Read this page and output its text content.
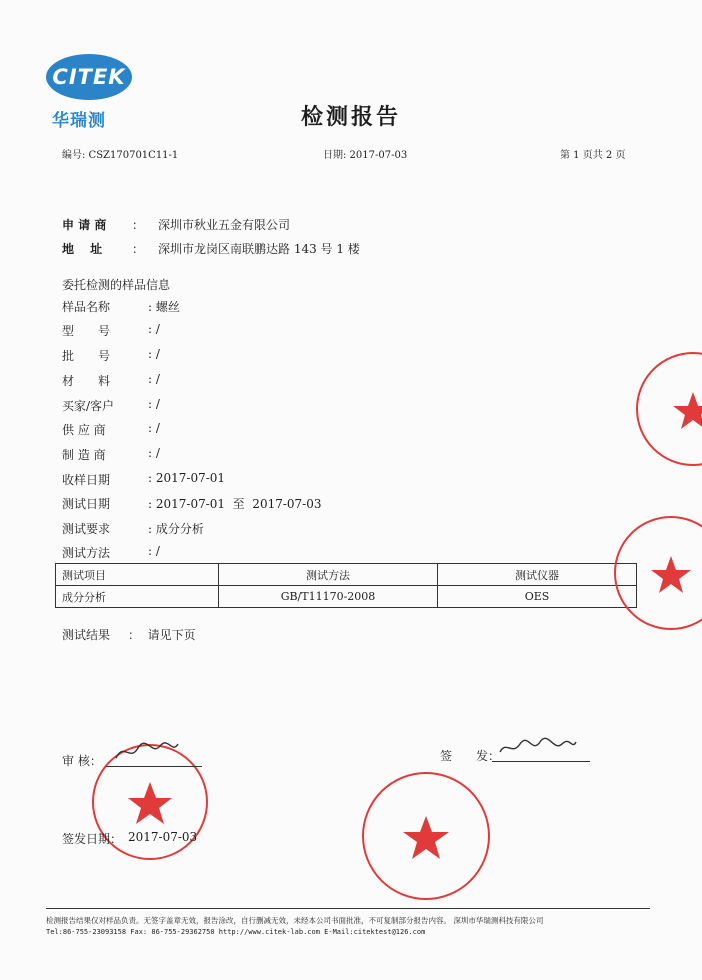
CITEK
华瑞测	检测报告
编号: CSZ170701C11-1	日期: 2017-07-03	第 1 页共 2 页
申 请 商 ： 深圳市秋业五金有限公司
地　 址 ： 深圳市龙岗区南联鹏达路 143 号 1 楼
委托检测的样品信息
样品名称	: 螺丝
型　　号	: /
批　　号	: /
材　　料	: /
买家/客户	: /
供 应 商	: /
制 造 商	: /
收样日期	: 2017-07-01
测试日期	: 2017-07-01  至  2017-07-03
测试要求	: 成分分析
测试方法	: /
测试项目	测试方法	测试仪器
成分分析	GB/T11170-2008	OES
测试结果 ：  请见下页
审 核：	签　　发：
签发日期： 2017-07-03
检测报告结果仅对样品负责。无签字盖章无效，报告涂改，自行删减无效，未经本公司书面批准，不可复制部分报告内容。 深圳市华瑞测科技有限公司
Tel:86-755-23093158 Fax: 86-755-29362750 http://www.citek-lab.com E-Mail:citektest@126.com
